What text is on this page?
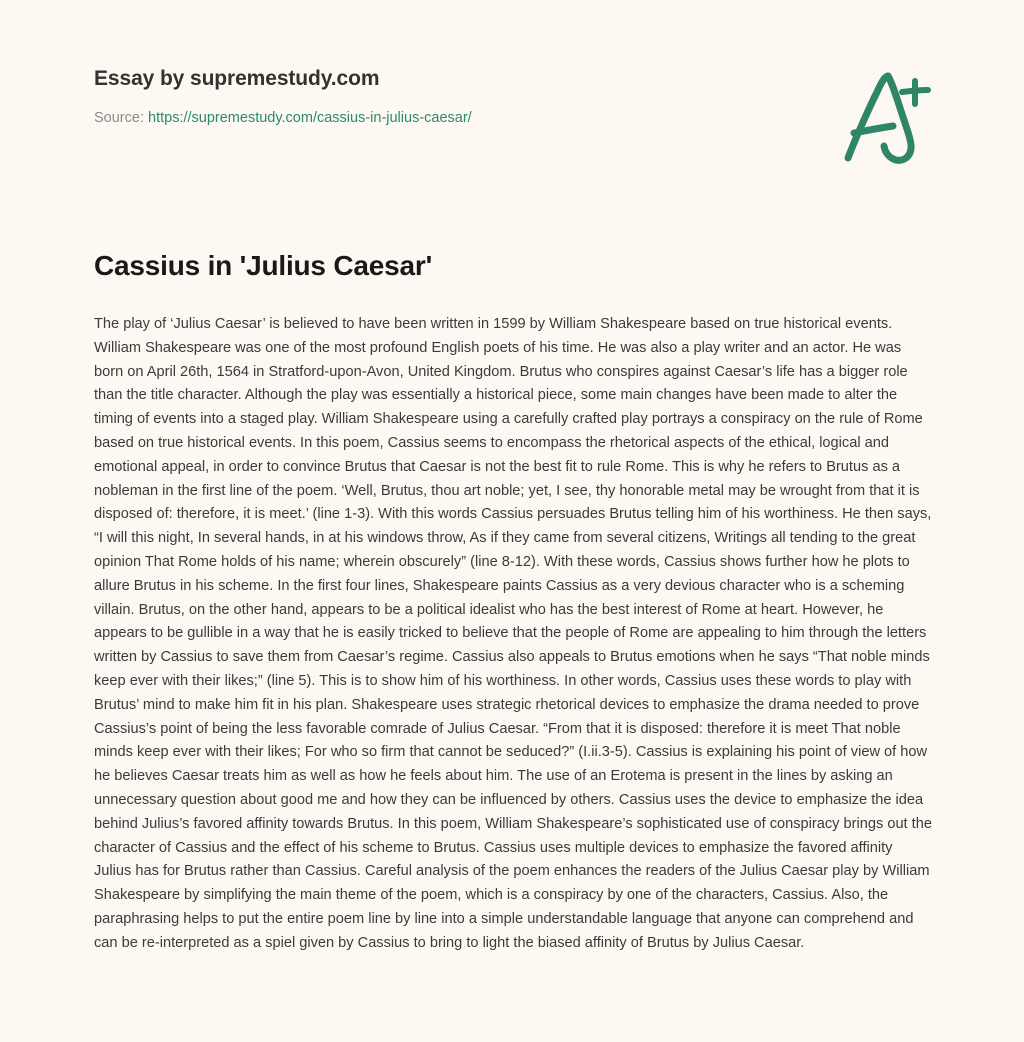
Essay by supremestudy.com
Source: https://supremestudy.com/cassius-in-julius-caesar/
Cassius in 'Julius Caesar'

The play of ‘Julius Caesar’ is believed to have been written in 1599 by William Shakespeare based on true historical events. William Shakespeare was one of the most profound English poets of his time. He was also a play writer and an actor. He was born on April 26th, 1564 in Stratford-upon-Avon, United Kingdom. Brutus who conspires against Caesar’s life has a bigger role than the title character. Although the play was essentially a historical piece, some main changes have been made to alter the timing of events into a staged play. William Shakespeare using a carefully crafted play portrays a conspiracy on the rule of Rome based on true historical events. In this poem, Cassius seems to encompass the rhetorical aspects of the ethical, logical and emotional appeal, in order to convince Brutus that Caesar is not the best fit to rule Rome. This is why he refers to Brutus as a nobleman in the first line of the poem. ‘Well, Brutus, thou art noble; yet, I see, thy honorable metal may be wrought from that it is disposed of: therefore, it is meet.’ (line 1-3). With this words Cassius persuades Brutus telling him of his worthiness. He then says, “I will this night, In several hands, in at his windows throw, As if they came from several citizens, Writings all tending to the great opinion That Rome holds of his name; wherein obscurely” (line 8-12). With these words, Cassius shows further how he plots to allure Brutus in his scheme. In the first four lines, Shakespeare paints Cassius as a very devious character who is a scheming villain. Brutus, on the other hand, appears to be a political idealist who has the best interest of Rome at heart. However, he appears to be gullible in a way that he is easily tricked to believe that the people of Rome are appealing to him through the letters written by Cassius to save them from Caesar’s regime. Cassius also appeals to Brutus emotions when he says “That noble minds keep ever with their likes;” (line 5). This is to show him of his worthiness. In other words, Cassius uses these words to play with Brutus’ mind to make him fit in his plan. Shakespeare uses strategic rhetorical devices to emphasize the drama needed to prove Cassius’s point of being the less favorable comrade of Julius Caesar. “From that it is disposed: therefore it is meet That noble minds keep ever with their likes; For who so firm that cannot be seduced?” (I.ii.3-5). Cassius is explaining his point of view of how he believes Caesar treats him as well as how he feels about him. The use of an Erotema is present in the lines by asking an unnecessary question about good me and how they can be influenced by others. Cassius uses the device to emphasize the idea behind Julius’s favored affinity towards Brutus. In this poem, William Shakespeare’s sophisticated use of conspiracy brings out the character of Cassius and the effect of his scheme to Brutus. Cassius uses multiple devices to emphasize the favored affinity Julius has for Brutus rather than Cassius. Careful analysis of the poem enhances the readers of the Julius Caesar play by William Shakespeare by simplifying the main theme of the poem, which is a conspiracy by one of the characters, Cassius. Also, the paraphrasing helps to put the entire poem line by line into a simple understandable language that anyone can comprehend and can be re-interpreted as a spiel given by Cassius to bring to light the biased affinity of Brutus by Julius Caesar.
